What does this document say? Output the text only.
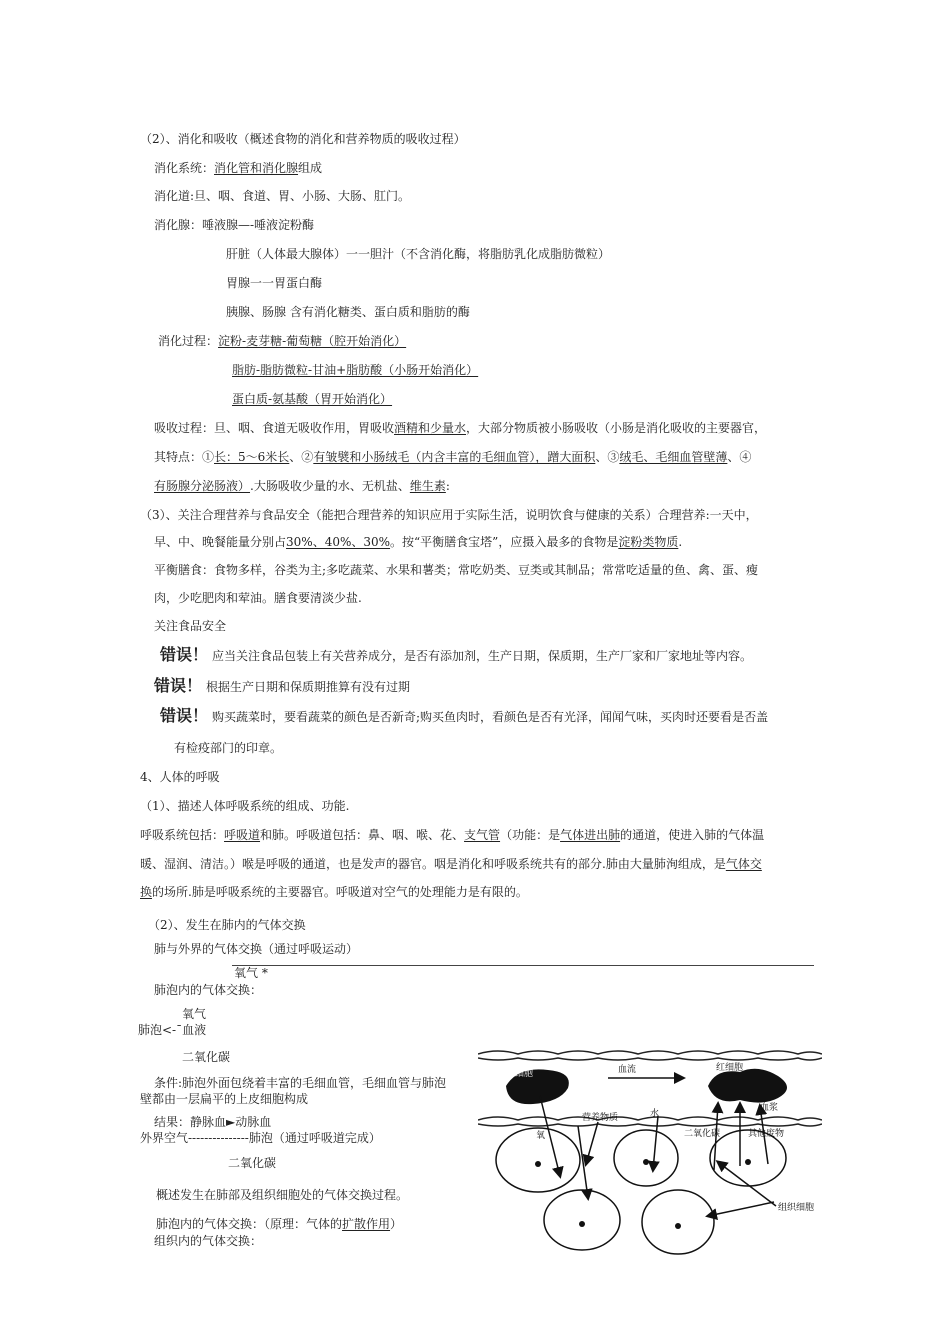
（2）、消化和吸收（概述食物的消化和营养物质的吸收过程）
消化系统：消化管和消化腺组成
消化道:旦、咽、食道、胃、小肠、大肠、肛门。
消化腺：唾液腺—-唾液淀粉酶
肝脏（人体最大腺体）一一胆汁（不含消化酶，将脂肪乳化成脂肪微粒）
胃腺一一胃蛋白酶
胰腺、肠腺 含有消化糖类、蛋白质和脂肪的酶
消化过程：淀粉-麦芽糖-葡萄糖（腔开始消化）
脂肪-脂肪微粒-甘油+脂肪酸（小肠开始消化）
蛋白质-氨基酸（胃开始消化）
吸收过程：旦、咽、食道无吸收作用，胃吸收酒精和少量水，大部分物质被小肠吸收（小肠是消化吸收的主要器官，
其特点：①长：5〜6米长、②有皱襞和小肠绒毛（内含丰富的毛细血管），蹭大面积、③绒毛、毛细血管壁薄、④
有肠腺分泌肠液）.大肠吸收少量的水、无机盐、维生素:
（3）、关注合理营养与食品安全（能把合理营养的知识应用于实际生活，说明饮食与健康的关系）合理营养:一天中，
早、中、晚餐能量分别占30%、40%、30%。按“平衡膳食宝塔”，应摄入最多的食物是淀粉类物质.
平衡膳食：食物多样，谷类为主;多吃蔬菜、水果和薯类；常吃奶类、豆类或其制品；常常吃适量的鱼、禽、蛋、瘦
肉，少吃肥肉和荤油。膳食要清淡少盐.
关注食品安全
错误！ 应当关注食品包装上有关营养成分，是否有添加剂，生产日期，保质期，生产厂家和厂家地址等内容。
错误！ 根据生产日期和保质期推算有没有过期
错误！ 购买蔬菜时，要看蔬菜的颜色是否新奇;购买鱼肉时，看颜色是否有光泽，闻闻气味，买肉时还要看是否盖
有检疫部门的印章。
4、人体的呼吸
（1）、描述人体呼吸系统的组成、功能.
呼吸系统包括：呼吸道和肺。呼吸道包括：鼻、咽、喉、花、支气管（功能：是气体进出肺的通道，使进入肺的气体温
暖、湿润、清洁。）喉是呼吸的通道，也是发声的器官。咽是消化和呼吸系统共有的部分.肺由大量肺洵组成，是气体交
换的场所.肺是呼吸系统的主要器官。呼吸道对空气的处理能力是有限的。
（2）、发生在肺内的气体交换
肺与外界的气体交换（通过呼吸运动）
氧气 *
肺泡内的气体交换：
氧气
肺泡<-¯血液
二氧化碳
条件:肺泡外面包绕着丰富的毛细血管，毛细血管与肺泡
壁都由一层扁平的上皮细胞构成
结果：静脉血►动脉血
外界空气---------------肺泡（通过呼吸道完成）
二氧化碳
概述发生在肺部及组织细胞处的气体交换过程。
肺泡内的气体交换：（原理：气体的扩散作用）
组织内的气体交换：
红细胞	血流	红细胞
氧
营养物质	水
血浆
二氧化碳	其他废物
组织细胞
